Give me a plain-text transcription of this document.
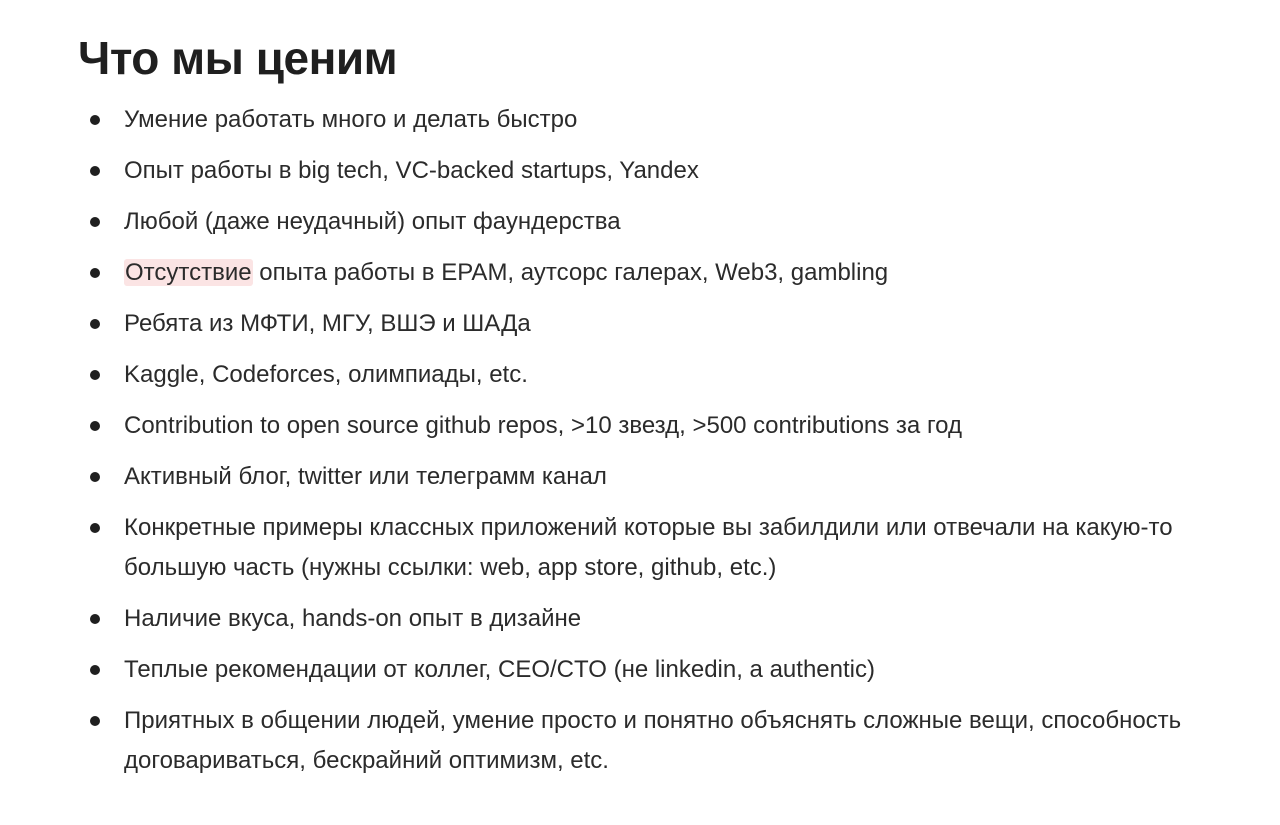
Что мы ценим
Умение работать много и делать быстро
Опыт работы в big tech, VC-backed startups, Yandex
Любой (даже неудачный) опыт фаундерства
Отсутствие опыта работы в EPAM, аутсорс галерах, Web3, gambling
Ребята из МФТИ, МГУ, ВШЭ и ШАДа
Kaggle, Codeforces, олимпиады, etc.
Contribution to open source github repos, >10 звезд, >500 contributions за год
Активный блог, twitter или телеграмм канал
Конкретные примеры классных приложений которые вы забилдили или отвечали на какую-то большую часть (нужны ссылки: web, app store, github, etc.)
Наличие вкуса, hands-on опыт в дизайне
Теплые рекомендации от коллег, CEO/CTO (не linkedin, а authentic)
Приятных в общении людей, умение просто и понятно объяснять сложные вещи, способность договариваться, бескрайний оптимизм, etc.
